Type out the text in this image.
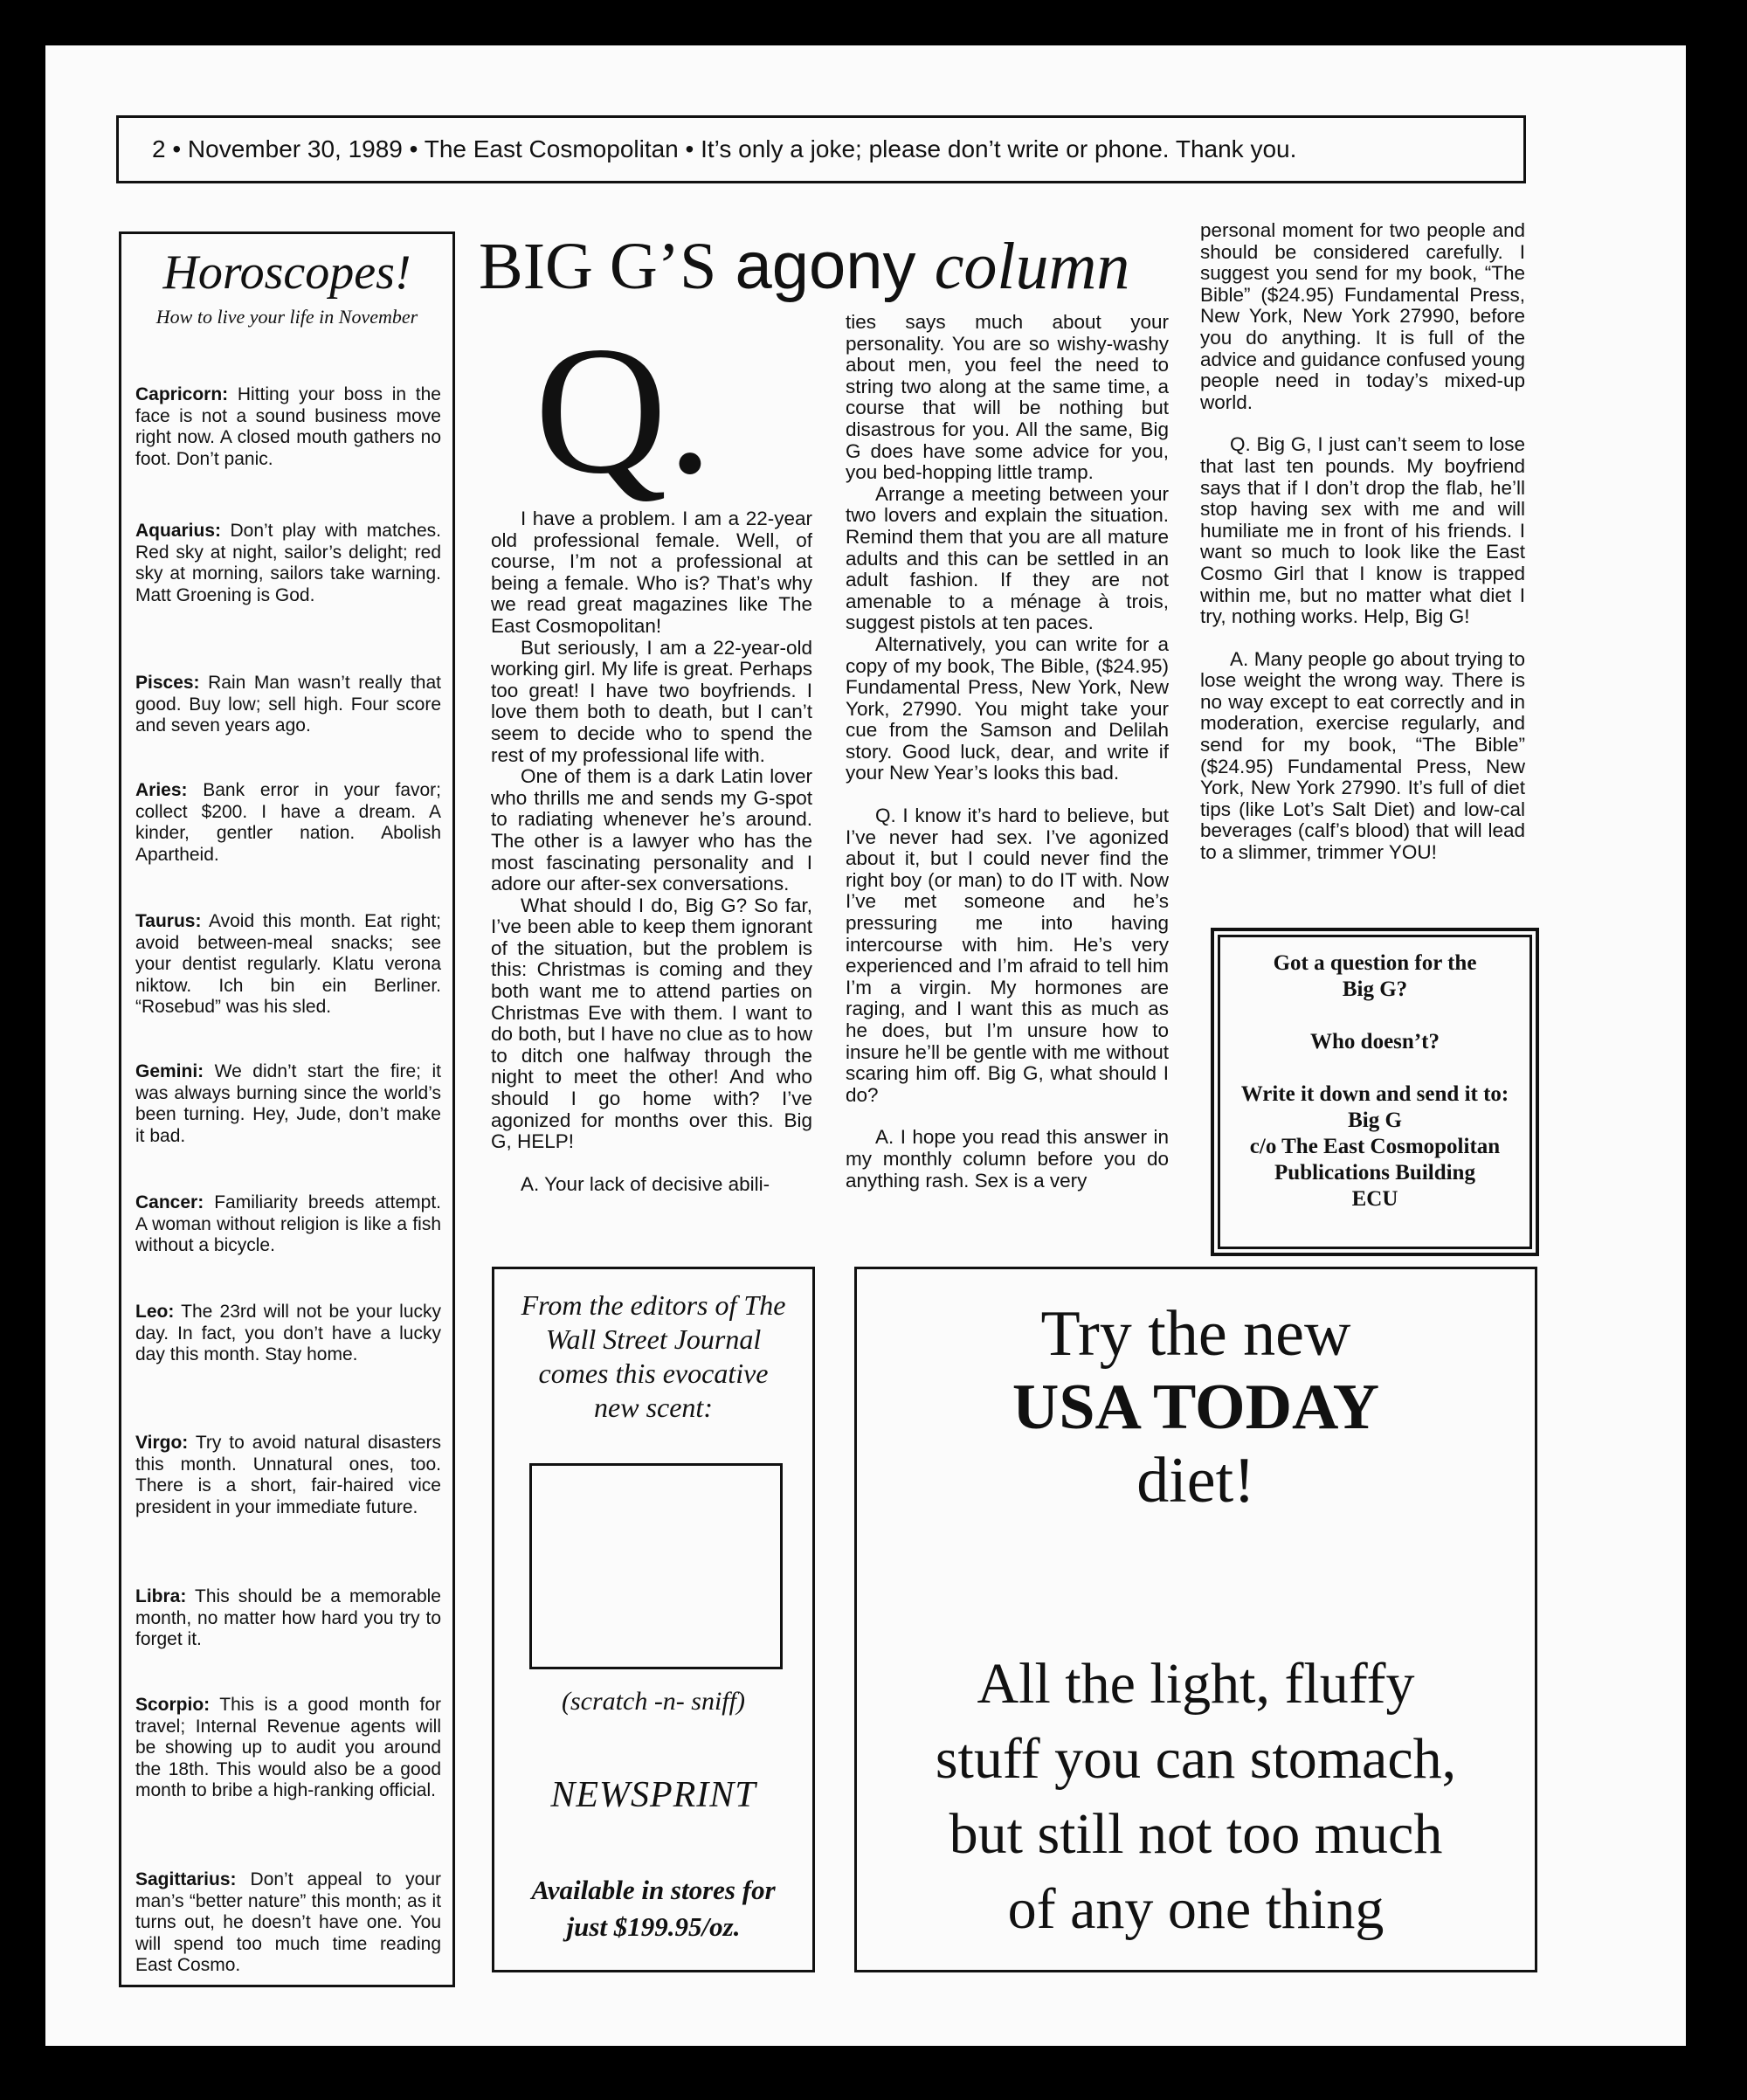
2 • November 30, 1989 • The East Cosmopolitan • It’s only a joke; please don’t write or phone. Thank you.
Horoscopes!
How to live your life in November
Capricorn: Hitting your boss in the face is not a sound business move right now. A closed mouth gathers no foot. Don’t panic.
Aquarius: Don’t play with matches. Red sky at night, sailor’s delight; red sky at morning, sailors take warning. Matt Groening is God.
Pisces: Rain Man wasn’t really that good. Buy low; sell high. Four score and seven years ago.
Aries: Bank error in your favor; collect $200. I have a dream. A kinder, gentler nation. Abolish Apartheid.
Taurus: Avoid this month. Eat right; avoid between-meal snacks; see your dentist regularly. Klatu verona niktow. Ich bin ein Berliner. “Rosebud” was his sled.
Gemini: We didn’t start the fire; it was always burning since the world’s been turning. Hey, Jude, don’t make it bad.
Cancer: Familiarity breeds attempt. A woman without religion is like a fish without a bicycle.
Leo: The 23rd will not be your lucky day. In fact, you don’t have a lucky day this month. Stay home.
Virgo: Try to avoid natural disasters this month. Unnatural ones, too. There is a short, fair-haired vice president in your immediate future.
Libra: This should be a memorable month, no matter how hard you try to forget it.
Scorpio: This is a good month for travel; Internal Revenue agents will be showing up to audit you around the 18th. This would also be a good month to bribe a high-ranking official.
Sagittarius: Don’t appeal to your man’s “better nature” this month; as it turns out, he doesn’t have one. You will spend too much time reading East Cosmo.
BIG G’S agony column
Q.

I have a problem. I am a 22-year old professional female. Well, of course, I’m not a professional at being a female. Who is? That’s why we read great magazines like The East Cosmopolitan!

But seriously, I am a 22-year-old working girl. My life is great. Perhaps too great! I have two boyfriends. I love them both to death, but I can’t seem to decide who to spend the rest of my professional life with.

One of them is a dark Latin lover who thrills me and sends my G-spot to radiating whenever he’s around. The other is a lawyer who has the most fascinating personality and I adore our after-sex conversations.

What should I do, Big G? So far, I’ve been able to keep them ignorant of the situation, but the problem is this: Christmas is coming and they both want me to attend parties on Christmas Eve with them. I want to do both, but I have no clue as to how to ditch one halfway through the night to meet the other! And who should I go home with? I’ve agonized for months over this. Big G, HELP!

A. Your lack of decisive abili-

ties says much about your personality. You are so wishy-washy about men, you feel the need to string two along at the same time, a course that will be nothing but disastrous for you. All the same, Big G does have some advice for you, you bed-hopping little tramp.

Arrange a meeting between your two lovers and explain the situation. Remind them that you are all mature adults and this can be settled in an adult fashion. If they are not amenable to a ménage à trois, suggest pistols at ten paces.

Alternatively, you can write for a copy of my book, The Bible, ($24.95) Fundamental Press, New York, New York, 27990. You might take your cue from the Samson and Delilah story. Good luck, dear, and write if your New Year’s looks this bad.

Q. I know it’s hard to believe, but I’ve never had sex. I’ve agonized about it, but I could never find the right boy (or man) to do IT with. Now I’ve met someone and he’s pressuring me into having intercourse with him. He’s very experienced and I’m afraid to tell him I’m a virgin. My hormones are raging, and I want this as much as he does, but I’m unsure how to insure he’ll be gentle with me without scaring him off. Big G, what should I do?

A. I hope you read this answer in my monthly column before you do anything rash. Sex is a very

personal moment for two people and should be considered carefully. I suggest you send for my book, “The Bible” ($24.95) Fundamental Press, New York, New York 27990, before you do anything. It is full of the advice and guidance confused young people need in today’s mixed-up world.

Q. Big G, I just can’t seem to lose that last ten pounds. My boyfriend says that if I don’t drop the flab, he’ll stop having sex with me and will humiliate me in front of his friends. I want so much to look like the East Cosmo Girl that I know is trapped within me, but no matter what diet I try, nothing works. Help, Big G!

A. Many people go about trying to lose weight the wrong way. There is no way except to eat correctly and in moderation, exercise regularly, and send for my book, “The Bible” ($24.95) Fundamental Press, New York, New York 27990. It’s full of diet tips (like Lot’s Salt Diet) and low-cal beverages (calf’s blood) that will lead to a slimmer, trimmer YOU!

Got a question for the
Big G?
Who doesn’t?
Write it down and send it to:
Big G
c/o The East Cosmopolitan
Publications Building
ECU
From the editors of The
Wall Street Journal
comes this evocative
new scent:
(scratch -n- sniff)
NEWSPRINT
Available in stores for
just $199.95/oz.
Try the new
USA TODAY
diet!
All the light, fluffy
stuff you can stomach,
but still not too much
of any one thing
